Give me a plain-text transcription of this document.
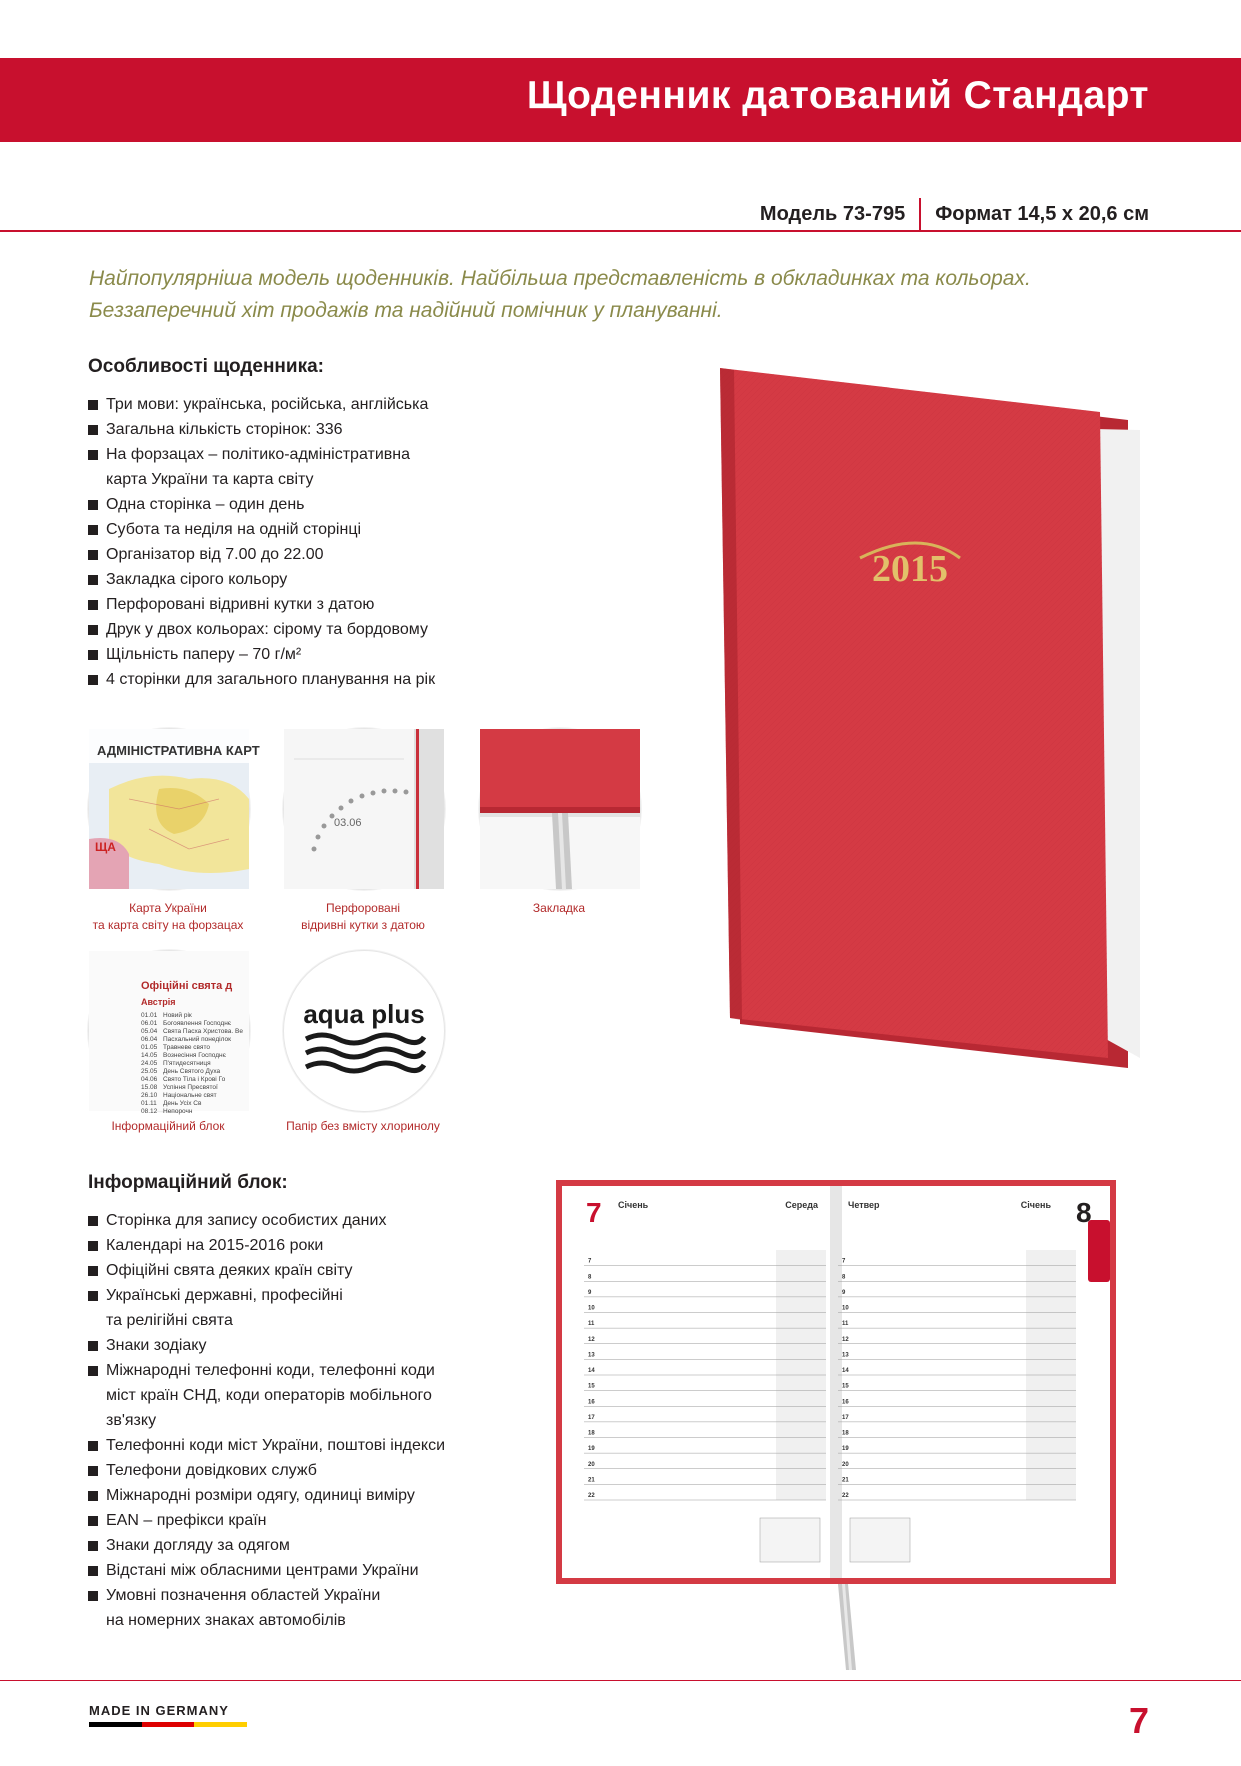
Щоденник датований Стандарт
Модель 73-795 Формат 14,5 х 20,6 см
Найпопулярніша модель щоденників. Найбільша представленість в обкладинках та кольорах.
Беззаперечний хіт продажів та надійний помічник у плануванні.
Особливості щоденника:
Три мови: українська, російська, англійська
Загальна кількість сторінок: 336
На форзацах – політико-адміністративна
карта України та карта світу
Одна сторінка – один день
Субота та неділя на одній сторінці
Організатор від 7.00 до 22.00
Закладка сірого кольору
Перфоровані відривні кутки з датою
Друк у двох кольорах: сірому та бордовому
Щільність паперу – 70 г/м²
4 сторінки для загального планування на рік
2015
АДМІНІСТРАТИВНА КАРТ
ЩА
Карта України
та карта світу на форзацах
03.06
Перфоровані
відривні кутки з датою
Закладка
Офіційні свята д
Австрія
01.01 Новий рік
06.01 Богоявлення Господнє
05.04 Свята Пасха Христова. Ве
06.04 Пасхальний понеділок
01.05 Травневе свято
14.05 Вознесіння Господнє
24.05 П'ятидесятниця
25.05 День Святого Духа
04.06 Свято Тіла і Крові Го
15.08 Успіння Пресвятої
26.10 Національне свят
01.11 День Усіх Св
08.12 Непорочн
Інформаційний блок
aqua plus
Папір без вмісту хлоринолу
Інформаційний блок:
Сторінка для запису особистих даних
Календарі на 2015-2016 роки
Офіційні свята деяких країн світу
Українські державні, професійні
та релігійні свята
Знаки зодіаку
Міжнародні телефонні коди, телефонні коди
міст країн СНД, коди операторів мобільного
зв'язку
Телефонні коди міст України, поштові індекси
Телефони довідкових служб
Міжнародні розміри одягу, одиниці виміру
EAN – префікси країн
Знаки догляду за одягом
Відстані між обласними центрами України
Умовні позначення областей України
на номерних знаках автомобілів
7 Січень	Середа	Четвер	Січень 8
7	7
8	8
9	9
10	10
11	11
12	12
13	13
14	14
15	15
16	16
17	17
18	18
19	19
20	20
21	21
22	22
MADE IN GERMANY	7
